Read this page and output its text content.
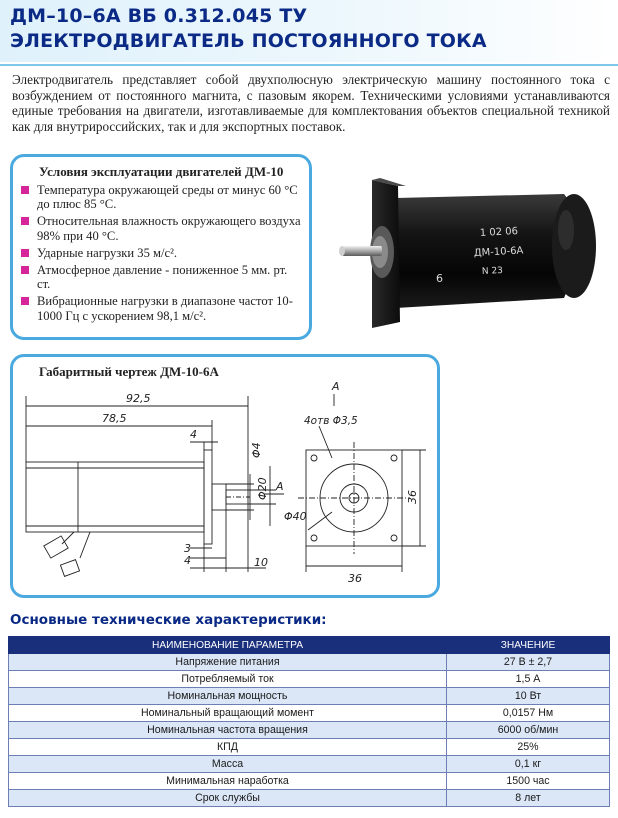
ДМ–10–6А ВБ 0.312.045 ТУ
ЭЛЕКТРОДВИГАТЕЛЬ ПОСТОЯННОГО ТОКА

Электродвигатель представляет собой двухполюсную электрическую машину постоянного тока с возбуждением от постоянного магнита, с пазовым якорем. Техническими условиями устанавливаются единые требования на двигатели, изготавливаемые для комплектования объектов специальной техникой как для внутрироссийских, так и для экспортных поставок.

Условия эксплуатации двигателей ДМ-10
Температура окружающей среды от минус 60 °С до плюс 85 °С.
Относительная влажность окружающего воздуха 98% при 40 °С.
Ударные нагрузки 35 м/с².
Атмосферное давление - пониженное 5 мм. рт. ст.
Вибрационные нагрузки в диапазоне частот 10-1000 Гц с ускорением 98,1 м/с².
1 02 06
ДМ-10-6А
N 23
6
Габаритный чертеж ДМ-10-6А
92,5
78,5
4
Φ4
Φ20
Φ40
3
4	10
4отв Φ3,5
А
А
36
36
Основные технические характеристики:
НАИМЕНОВАНИЕ ПАРАМЕТРА	ЗНАЧЕНИЕ
Напряжение питания	27 В ± 2,7
Потребляемый ток	1,5 А
Номинальная мощность	10 Вт
Номинальный вращающий момент	0,0157 Нм
Номинальная частота вращения	6000 об/мин
КПД	25%
Масса	0,1 кг
Минимальная наработка	1500 час
Срок службы	8 лет
